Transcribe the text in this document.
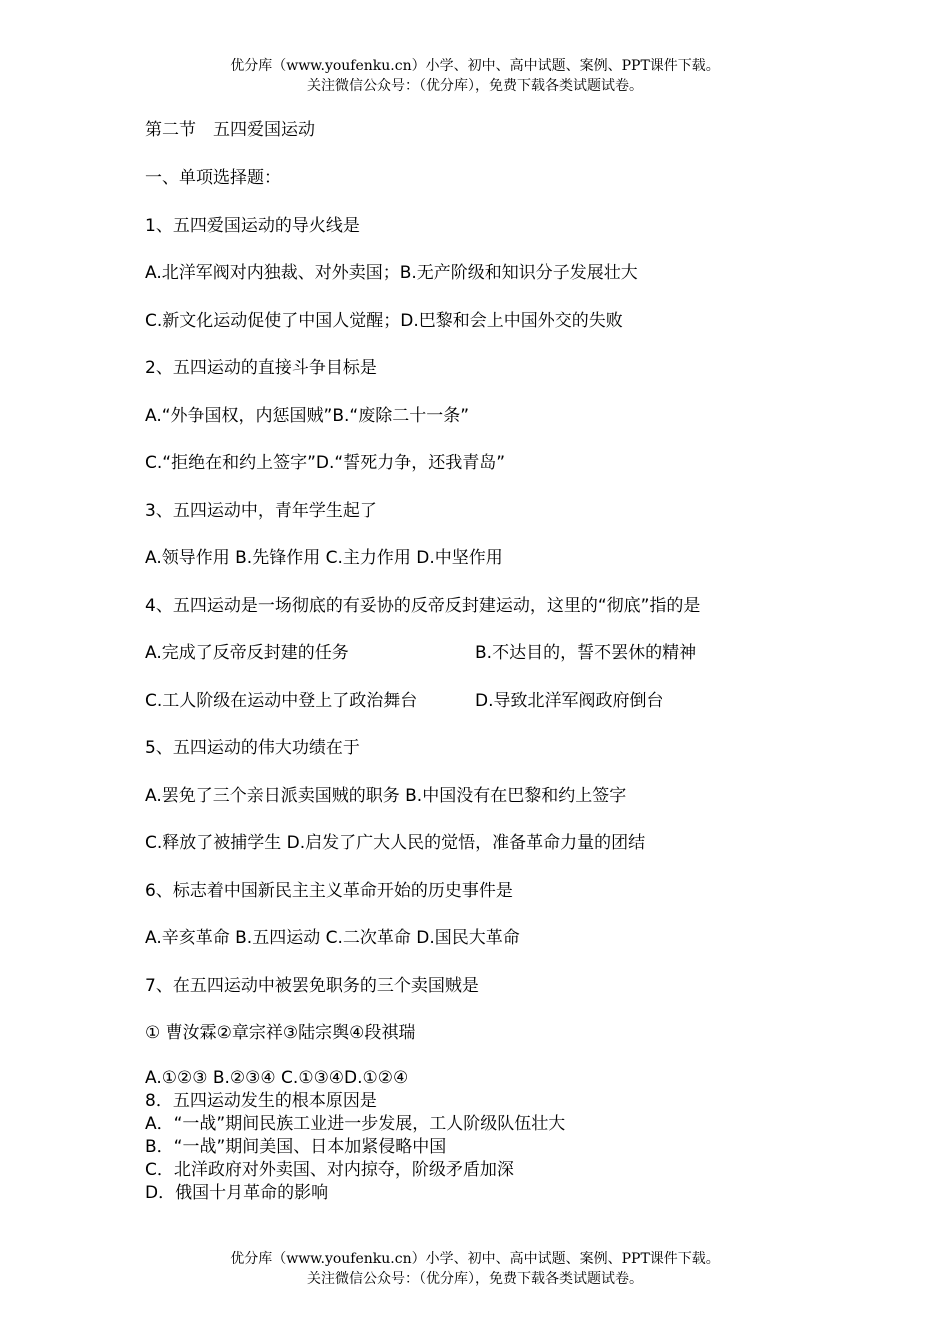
优分库（www.youfenku.cn）小学、初中、高中试题、案例、PPT课件下载。
关注微信公众号：（优分库），免费下载各类试题试卷。
第二节　五四爱国运动
一、单项选择题：
1、五四爱国运动的导火线是
A.北洋军阀对内独裁、对外卖国；B.无产阶级和知识分子发展壮大
C.新文化运动促使了中国人觉醒；D.巴黎和会上中国外交的失败
2、五四运动的直接斗争目标是
A.“外争国权，内惩国贼”B.“废除二十一条”
C.“拒绝在和约上签字”D.“誓死力争，还我青岛”
3、五四运动中，青年学生起了
A.领导作用 B.先锋作用 C.主力作用 D.中坚作用
4、五四运动是一场彻底的有妥协的反帝反封建运动，这里的“彻底”指的是
A.完成了反帝反封建的任务	B.不达目的，誓不罢休的精神
C.工人阶级在运动中登上了政治舞台	D.导致北洋军阀政府倒台
5、五四运动的伟大功绩在于
A.罢免了三个亲日派卖国贼的职务 B.中国没有在巴黎和约上签字
C.释放了被捕学生 D.启发了广大人民的觉悟，准备革命力量的团结
6、标志着中国新民主主义革命开始的历史事件是
A.辛亥革命 B.五四运动 C.二次革命 D.国民大革命
7、在五四运动中被罢免职务的三个卖国贼是
① 曹汝霖②章宗祥③陆宗舆④段祺瑞
A.①②③ B.②③④ C.①③④D.①②④
8．五四运动发生的根本原因是
A．“一战”期间民族工业进一步发展，工人阶级队伍壮大
B．“一战”期间美国、日本加紧侵略中国
C．北洋政府对外卖国、对内掠夺，阶级矛盾加深
D．俄国十月革命的影响
优分库（www.youfenku.cn）小学、初中、高中试题、案例、PPT课件下载。
关注微信公众号：（优分库），免费下载各类试题试卷。
